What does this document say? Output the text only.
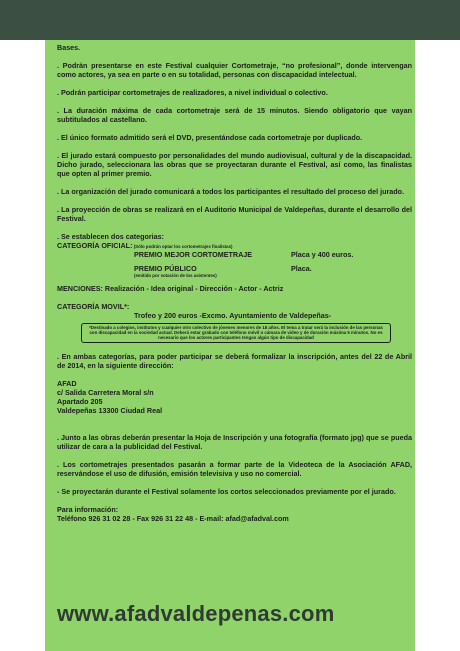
Bases.

. Podrán presentarse en este Festival cualquier Cortometraje, “no profesional”, donde intervengan como actores, ya sea en parte o en su totalidad, personas con discapacidad intelectual.

. Podrán participar cortometrajes de realizadores, a nivel individual o colectivo.

. La duración máxima de cada cortometraje será de 15 minutos. Siendo obligatorio que vayan subtitulados al castellano.

. El único formato admitido será el DVD, presentándose cada cortometraje por duplicado.

. El jurado estará compuesto por personalidades del mundo audiovisual, cultural y de la discapacidad. Dicho jurado, seleccionara las obras que se proyectaran durante el Festival, así como, las finalistas que opten al primer premio.

. La organización del jurado comunicará a todos los participantes el resultado del proceso del jurado.

. La proyección de obras se realizará en el Auditorio Municipal de Valdepeñas, durante el desarrollo del Festival.

. Se establecen dos categorias:

CATEGORÍA OFICIAL: (Sólo podrán optar los cortometrajes finalistas)

PREMIO MEJOR CORTOMETRAJE	Placa y 400 euros.
PREMIO PÚBLICO	Placa.
(emitido por votación de los asistentes)

MENCIONES: Realización - Idea original - Dirección - Actor - Actriz

CATEGORÍA MOVIL*:

Trofeo y 200 euros -Excmo. Ayuntamiento de Valdepeñas-
*Destinado a colegios, institutos y cualquier otro colectivo de jóvenes menores de 18 años. El tema a tratar será la inclusión de las personas con discapacidad en la sociedad actual. Deberá estar grabado con teléfono móvil o cámara de video y de duración máxima 5 minutos. No es necesario que los actores participantes tengan algún tipo de discapacidad

. En ambas categorías, para poder participar se deberá formalizar la inscripción, antes del 22 de Abril de 2014, en la siguiente dirección:

AFAD

c/ Salida Carretera Moral s/n

Apartado 205

Valdepeñas 13300 Ciudad Real

. Junto a las obras deberán presentar la Hoja de Inscripción y una fotografía (formato jpg) que se pueda utilizar de cara a la publicidad del Festival.

. Los cortometrajes presentados pasarán a formar parte de la Videoteca de la Asociación AFAD, reservándose el uso de difusión, emisión televisiva y uso no comercial.

- Se proyectarán durante el Festival solamente los cortos seleccionados previamente por el jurado.

Para información:

Teléfono 926 31 02 28 - Fax 926 31 22 48 - E-mail: afad@afadval.com

www.afadvaldepenas.com
